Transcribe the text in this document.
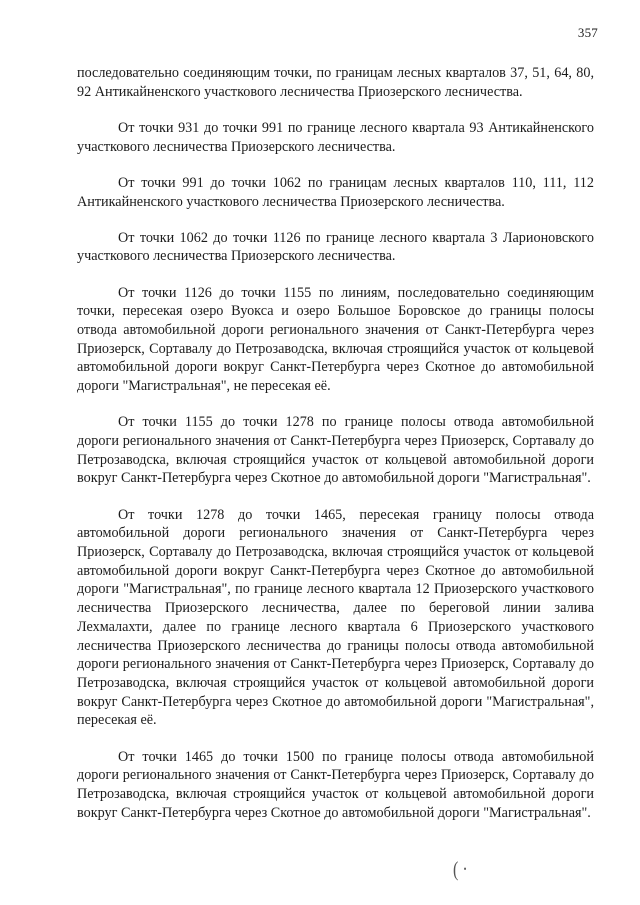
357

последовательно соединяющим точки, по границам лесных кварталов 37, 51, 64, 80, 92 Антикайненского участкового лесничества Приозерского лесничества.

От точки 931 до точки 991 по границе лесного квартала 93 Антикайненского участкового лесничества Приозерского лесничества.

От точки 991 до точки 1062 по границам лесных кварталов 110, 111, 112 Антикайненского участкового лесничества Приозерского лесничества.

От точки 1062 до точки 1126 по границе лесного квартала 3 Ларионовского участкового лесничества Приозерского лесничества.

От точки 1126 до точки 1155 по линиям, последовательно соединяющим точки, пересекая озеро Вуокса и озеро Большое Боровское до границы полосы отвода автомобильной дороги регионального значения от Санкт-Петербурга через Приозерск, Сортавалу до Петрозаводска, включая строящийся участок от кольцевой автомобильной дороги вокруг Санкт-Петербурга через Скотное до автомобильной дороги "Магистральная", не пересекая её.

От точки 1155 до точки 1278 по границе полосы отвода автомобильной дороги регионального значения от Санкт-Петербурга через Приозерск, Сортавалу до Петрозаводска, включая строящийся участок от кольцевой автомобильной дороги вокруг Санкт-Петербурга через Скотное до автомобильной дороги "Магистральная".

От точки 1278 до точки 1465, пересекая границу полосы отвода автомобильной дороги регионального значения от Санкт-Петербурга через Приозерск, Сортавалу до Петрозаводска, включая строящийся участок от кольцевой автомобильной дороги вокруг Санкт-Петербурга через Скотное до автомобильной дороги "Магистральная", по границе лесного квартала 12 Приозерского участкового лесничества Приозерского лесничества, далее по береговой линии залива Лехмалахти, далее по границе лесного квартала 6 Приозерского участкового лесничества Приозерского лесничества до границы полосы отвода автомобильной дороги регионального значения от Санкт-Петербурга через Приозерск, Сортавалу до Петрозаводска, включая строящийся участок от кольцевой автомобильной дороги вокруг Санкт-Петербурга через Скотное до автомобильной дороги "Магистральная", пересекая её.

От точки 1465 до точки 1500 по границе полосы отвода автомобильной дороги регионального значения от Санкт-Петербурга через Приозерск, Сортавалу до Петрозаводска, включая строящийся участок от кольцевой автомобильной дороги вокруг Санкт-Петербурга через Скотное до автомобильной дороги "Магистральная".

( ·
